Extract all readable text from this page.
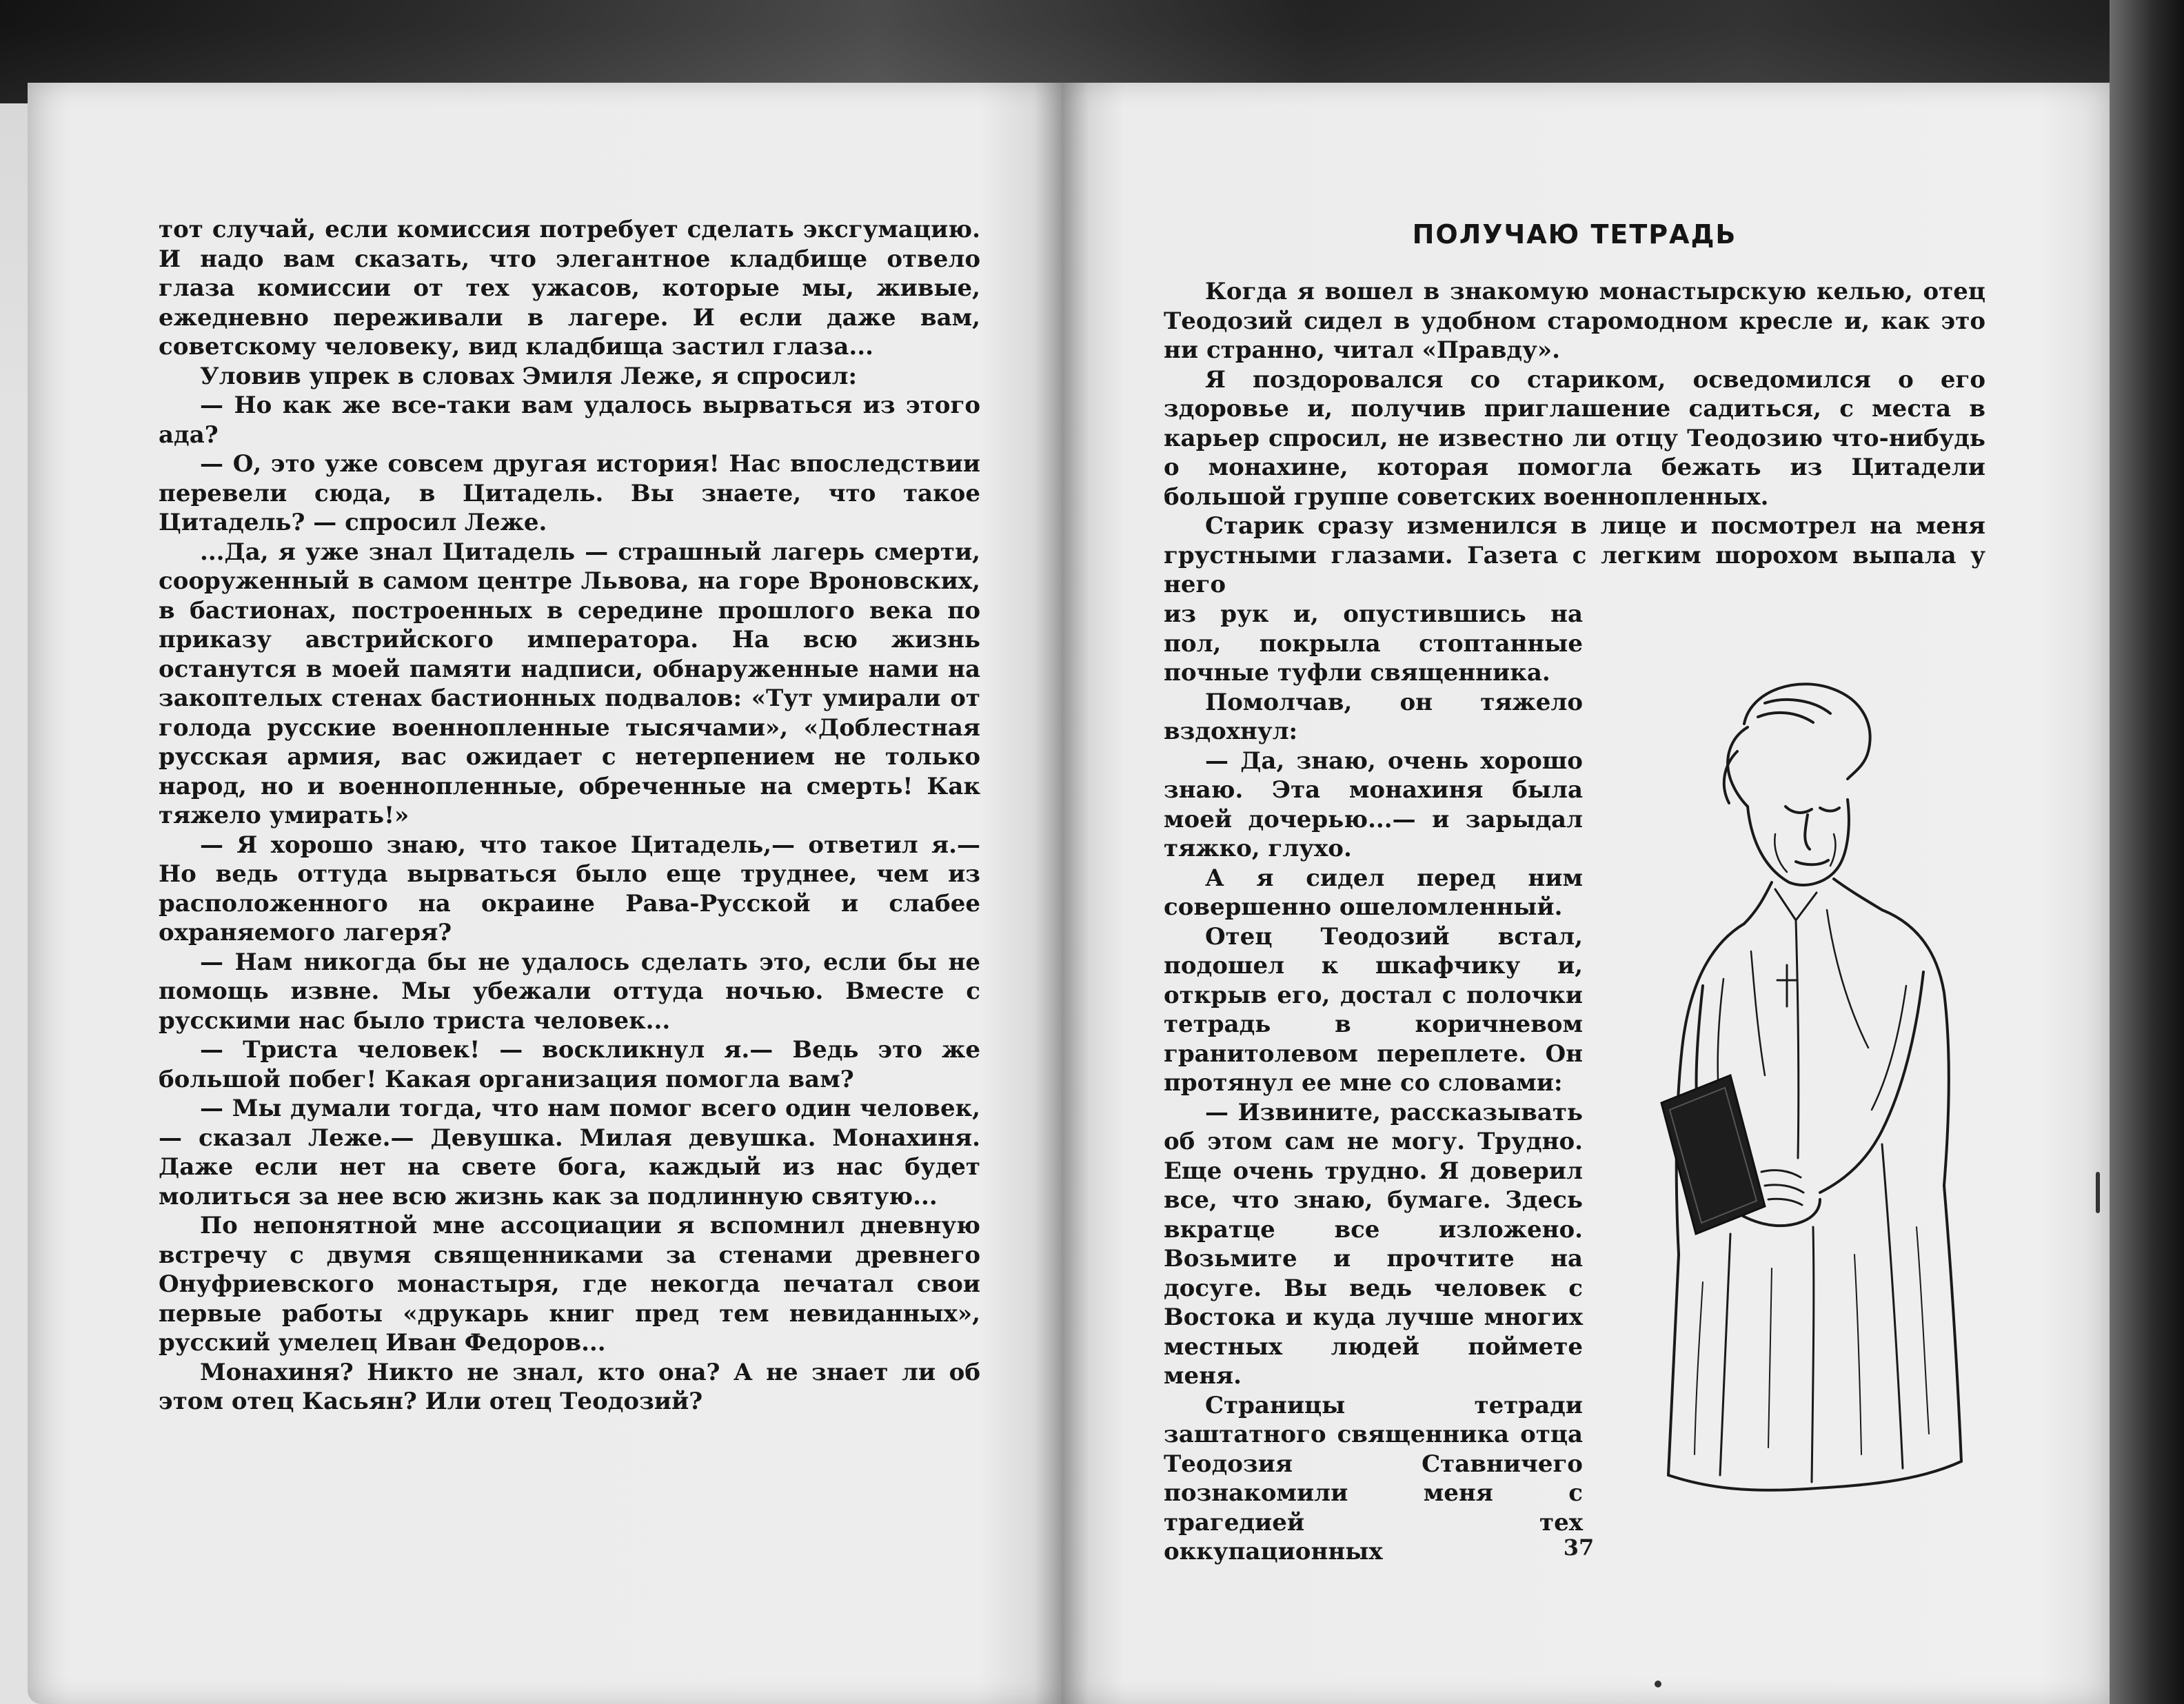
тот случай, если комиссия потребует сделать эксгумацию. И надо вам сказать, что элегантное кладбище отвело глаза комиссии от тех ужасов, которые мы, живые, ежедневно переживали в лагере. И если даже вам, советскому человеку, вид кладбища застил глаза...

Уловив упрек в словах Эмиля Леже, я спросил:

— Но как же все-таки вам удалось вырваться из этого ада?

— О, это уже совсем другая история! Нас впоследствии перевели сюда, в Цитадель. Вы знаете, что такое Цитадель? — спросил Леже.

...Да, я уже знал Цитадель — страшный лагерь смерти, сооруженный в самом центре Львова, на горе Вроновских, в бастионах, построенных в середине прошлого века по приказу австрийского императора. На всю жизнь останутся в моей памяти надписи, обнаруженные нами на закоптелых стенах бастионных подвалов: «Тут умирали от голода русские военнопленные тысячами», «Доблестная русская армия, вас ожидает с нетерпением не только народ, но и военнопленные, обреченные на смерть! Как тяжело умирать!»

— Я хорошо знаю, что такое Цитадель,— ответил я.— Но ведь оттуда вырваться было еще труднее, чем из расположенного на окраине Рава-Русской и слабее охраняемого лагеря?

— Нам никогда бы не удалось сделать это, если бы не помощь извне. Мы убежали оттуда ночью. Вместе с русскими нас было триста человек...

— Триста человек! — воскликнул я.— Ведь это же большой побег! Какая организация помогла вам?

— Мы думали тогда, что нам помог всего один человек,— сказал Леже.— Девушка. Милая девушка. Монахиня. Даже если нет на свете бога, каждый из нас будет молиться за нее всю жизнь как за подлинную святую...

По непонятной мне ассоциации я вспомнил дневную встречу с двумя священниками за стенами древнего Онуфриевского монастыря, где некогда печатал свои первые работы «друкарь книг пред тем невиданных», русский умелец Иван Федоров...

Монахиня? Никто не знал, кто она? А не знает ли об этом отец Касьян? Или отец Теодозий?

ПОЛУЧАЮ ТЕТРАДЬ

Когда я вошел в знакомую монастырскую келью, отец Теодозий сидел в удобном старомодном кресле и, как это ни странно, читал «Правду».

Я поздоровался со стариком, осведомился о его здоровье и, получив приглашение садиться, с места в карьер спросил, не известно ли отцу Теодозию что-нибудь о монахине, которая помогла бежать из Цитадели большой группе советских военнопленных.

Старик сразу изменился в лице и посмотрел на меня грустными глазами. Газета с легким шорохом выпала у него

из рук и, опустившись на пол, покрыла стоптанные почные туфли священника.

Помолчав, он тяжело вздохнул:

— Да, знаю, очень хорошо знаю. Эта монахиня была моей дочерью...— и зарыдал тяжко, глухо.

А я сидел перед ним совершенно ошеломленный.

Отец Теодозий встал, подошел к шкафчику и, открыв его, достал с полочки тетрадь в коричневом гранитолевом переплете. Он протянул ее мне со словами:

— Извините, рассказывать об этом сам не могу. Трудно. Еще очень трудно. Я доверил все, что знаю, бумаге. Здесь вкратце все изложено. Возьмите и прочтите на досуге. Вы ведь человек с Востока и куда лучше многих местных людей поймете меня.

Страницы тетради заштатного священника отца Теодозия Ставничего познакомили меня с трагедией тех оккупационных	37
